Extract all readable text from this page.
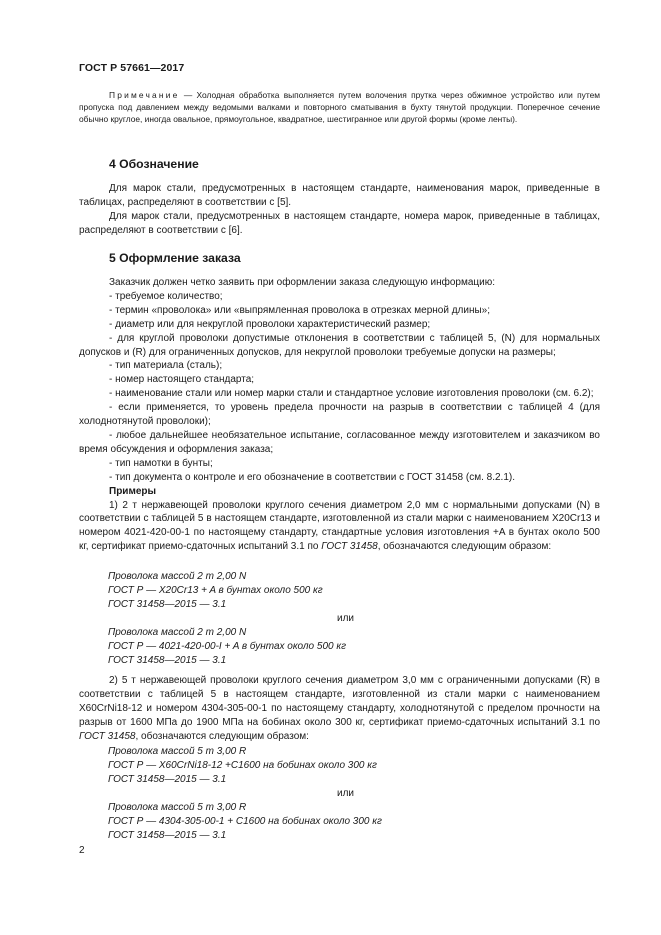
ГОСТ Р 57661—2017
Примечание — Холодная обработка выполняется путем волочения прутка через обжимное устройство или путем пропуска под давлением между ведомыми валками и повторного сматывания в бухту тянутой продукции. Поперечное сечение обычно круглое, иногда овальное, прямоугольное, квадратное, шестигранное или другой формы (кроме ленты).
4 Обозначение
Для марок стали, предусмотренных в настоящем стандарте, наименования марок, приведенные в таблицах, распределяют в соответствии с [5].
Для марок стали, предусмотренных в настоящем стандарте, номера марок, приведенные в таблицах, распределяют в соответствии с [6].
5 Оформление заказа
Заказчик должен четко заявить при оформлении заказа следующую информацию:
- требуемое количество;
- термин «проволока» или «выпрямленная проволока в отрезках мерной длины»;
- диаметр или для некруглой проволоки характеристический размер;
- для круглой проволоки допустимые отклонения в соответствии с таблицей 5, (N) для нормальных допусков и (R) для ограниченных допусков, для некруглой проволоки требуемые допуски на размеры;
- тип материала (сталь);
- номер настоящего стандарта;
- наименование стали или номер марки стали и стандартное условие изготовления проволоки (см. 6.2);
- если применяется, то уровень предела прочности на разрыв в соответствии с таблицей 4 (для холоднотянутой проволоки);
- любое дальнейшее необязательное испытание, согласованное между изготовителем и заказчиком во время обсуждения и оформления заказа;
- тип намотки в бунты;
- тип документа о контроле и его обозначение в соответствии с ГОСТ 31458 (см. 8.2.1).
Примеры
1) 2 т нержавеющей проволоки круглого сечения диаметром 2,0 мм с нормальными допусками (N) в соответствии с таблицей 5 в настоящем стандарте, изготовленной из стали марки с наименованием X20Cr13 и номером 4021-420-00-1 по настоящему стандарту, стандартные условия изготовления +A в бунтах около 500 кг, сертификат приемо-сдаточных испытаний 3.1 по ГОСТ 31458, обозначаются следующим образом:
Проволока массой 2 т 2,00 N
ГОСТ Р — X20Cr13 + A в бунтах около 500 кг
ГОСТ 31458—2015 — 3.1
или
Проволока массой 2 т 2,00 N
ГОСТ Р — 4021-420-00-I + A в бунтах около 500 кг
ГОСТ 31458—2015 — 3.1
2) 5 т нержавеющей проволоки круглого сечения диаметром 3,0 мм с ограниченными допусками (R) в соответствии с таблицей 5 в настоящем стандарте, изготовленной из стали марки с наименованием X60CrNi18-12 и номером 4304-305-00-1 по настоящему стандарту, холоднотянутой с пределом прочности на разрыв от 1600 МПа до 1900 МПа на бобинах около 300 кг, сертификат приемо-сдаточных испытаний 3.1 по ГОСТ 31458, обозначаются следующим образом:
Проволока массой 5 т 3,00 R
ГОСТ Р — X60CrNi18-12 +C1600 на бобинах около 300 кг
ГОСТ 31458—2015 — 3.1
или
Проволока массой 5 т 3,00 R
ГОСТ Р — 4304-305-00-1 + C1600 на бобинах около 300 кг
ГОСТ 31458—2015 — 3.1
2
